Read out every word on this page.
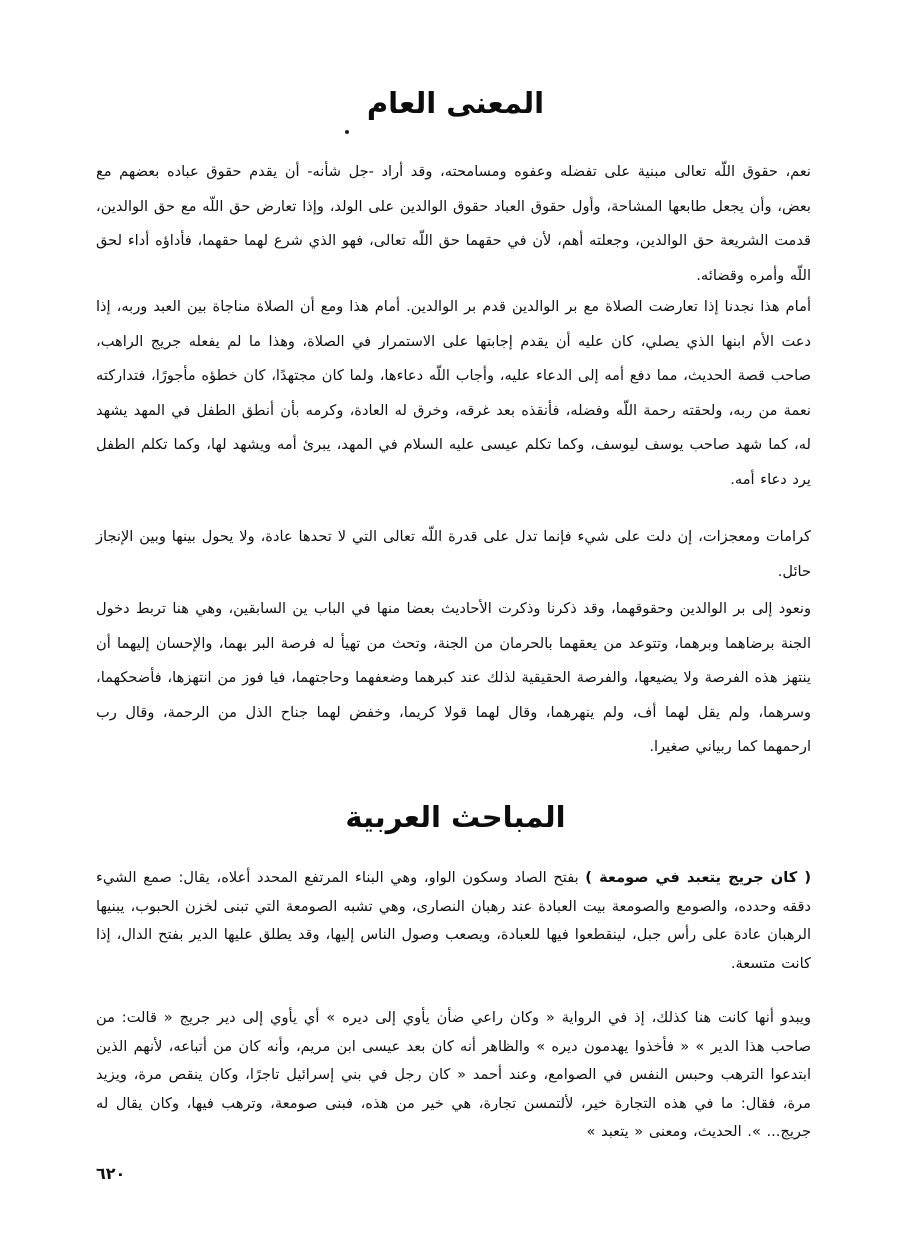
المعنى العام

نعم، حقوق اللّه تعالى مبنية على تفضله وعفوه ومسامحته، وقد أراد -جل شأنه- أن يقدم حقوق عباده بعضهم مع بعض، وأن يجعل طابعها المشاحة، وأول حقوق العباد حقوق الوالدين على الولد، وإذا تعارض حق اللّه مع حق الوالدين، قدمت الشريعة حق الوالدين، وجعلته أهم، لأن في حقهما حق اللّه تعالى، فهو الذي شرع لهما حقهما، فأداؤه أداء لحق اللّه وأمره وقضائه.

أمام هذا نجدنا إذا تعارضت الصلاة مع بر الوالدين قدم بر الوالدين. أمام هذا ومع أن الصلاة مناجاة بين العبد وربه، إذا دعت الأم ابنها الذي يصلي، كان عليه أن يقدم إجابتها على الاستمرار في الصلاة، وهذا ما لم يفعله جريج الراهب، صاحب قصة الحديث، مما دفع أمه إلى الدعاء عليه، وأجاب اللّه دعاءها، ولما كان مجتهدًا، كان خطؤه مأجورًا، فتداركته نعمة من ربه، ولحقته رحمة اللّه وفضله، فأنقذه بعد غرقه، وخرق له العادة، وكرمه بأن أنطق الطفل في المهد يشهد له، كما شهد صاحب يوسف ليوسف، وكما تكلم عيسى عليه السلام في المهد، يبرئ أمه ويشهد لها، وكما تكلم الطفل يرد دعاء أمه.

كرامات ومعجزات، إن دلت على شيء فإنما تدل على قدرة اللّه تعالى التي لا تحدها عادة، ولا يحول بينها وبين الإنجاز حائل.

ونعود إلى بر الوالدين وحقوقهما، وقد ذكرنا وذكرت الأحاديث بعضا منها في الباب ين السابقين، وهي هنا تربط دخول الجنة برضاهما وبرهما، وتتوعد من يعقهما بالحرمان من الجنة، وتحث من تهيأ له فرصة البر بهما، والإحسان إليهما أن ينتهز هذه الفرصة ولا يضيعها، والفرصة الحقيقية لذلك عند كبرهما وضعفهما وحاجتهما، فيا فوز من انتهزها، فأضحكهما، وسرهما، ولم يقل لهما أف، ولم ينهرهما، وقال لهما قولا كريما، وخفض لهما جناح الذل من الرحمة، وقال رب ارحمهما كما ربياني صغيرا.

المباحث العربية

( كان جريج يتعبد في صومعة ) بفتح الصاد وسكون الواو، وهي البناء المرتفع المحدد أعلاه، يقال: صمع الشيء دققه وحدده، والصومع والصومعة بيت العبادة عند رهبان النصارى، وهي تشبه الصومعة التي تبنى لخزن الحبوب، يبنيها الرهبان عادة على رأس جبل، لينقطعوا فيها للعبادة، ويصعب وصول الناس إليها، وقد يطلق عليها الدير بفتح الدال، إذا كانت متسعة.

ويبدو أنها كانت هنا كذلك، إذ في الرواية « وكان راعي ضأن يأوي إلى ديره » أي يأوي إلى دير جريج « قالت: من صاحب هذا الدير » « فأخذوا يهدمون ديره » والظاهر أنه كان بعد عيسى ابن مريم، وأنه كان من أتباعه، لأنهم الذين ابتدعوا الترهب وحبس النفس في الصوامع، وعند أحمد « كان رجل في بني إسرائيل تاجرًا، وكان ينقص مرة، ويزيد مرة، فقال: ما في هذه التجارة خير، لألتمسن تجارة، هي خير من هذه، فبنى صومعة، وترهب فيها، وكان يقال له جريج... ». الحديث، ومعنى « يتعبد »

٦٢٠
